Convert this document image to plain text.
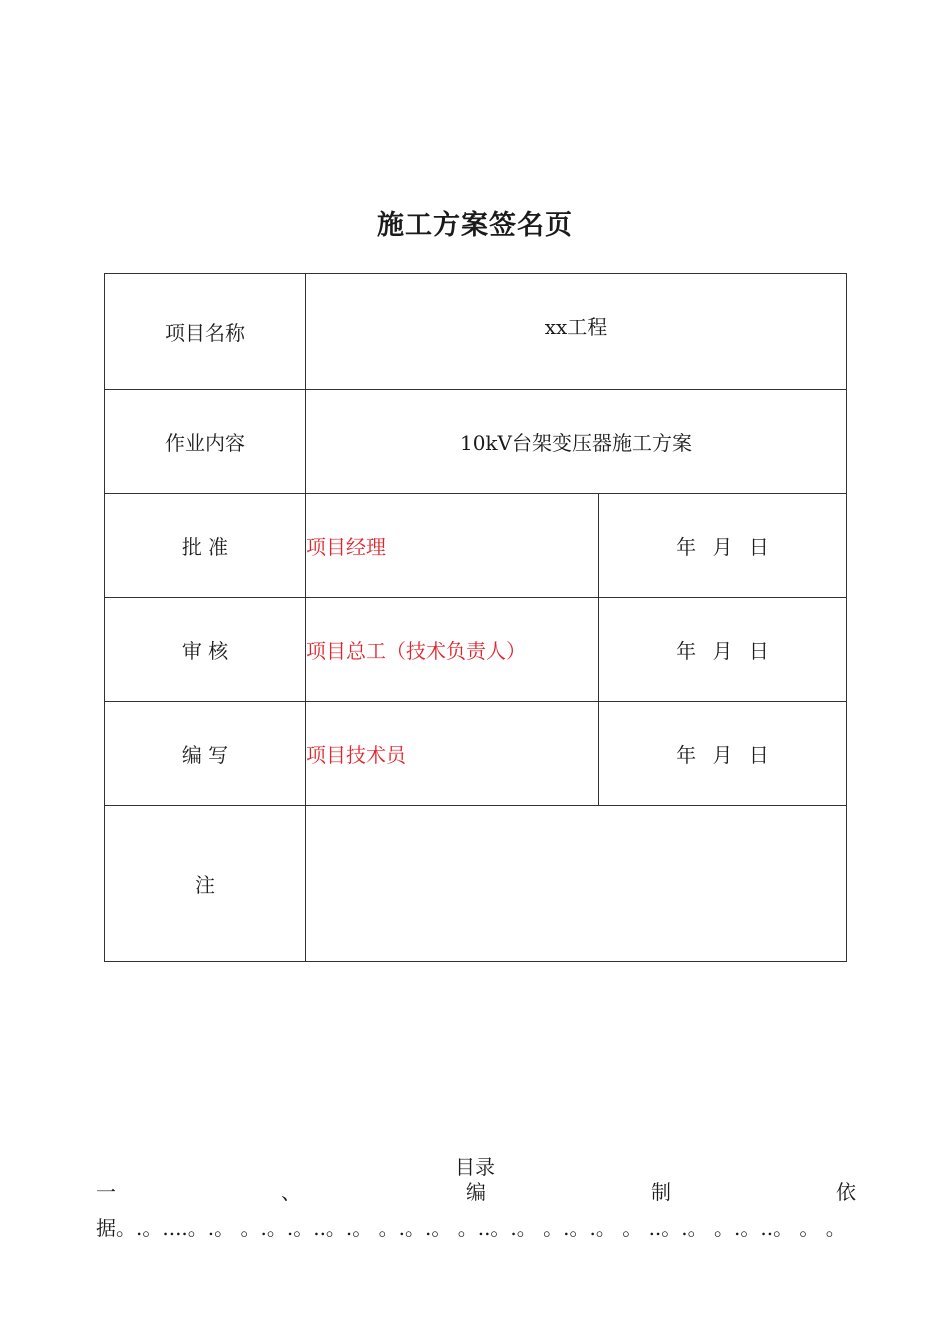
施工方案签名页
项目名称	xx工程	
作业内容	10kV台架变压器施工方案	
批 准	项目经理	年 月 日
审 核	项目总工（技术负责人）	年 月 日
编 写	项目技术员	年 月 日
注		
目录
一	、	编	制	依
据。.。....。.。 。.。.。..。.。 。.。.。 。..。.。 。.。.。 。 ..。.。 。.。..。 。 。
